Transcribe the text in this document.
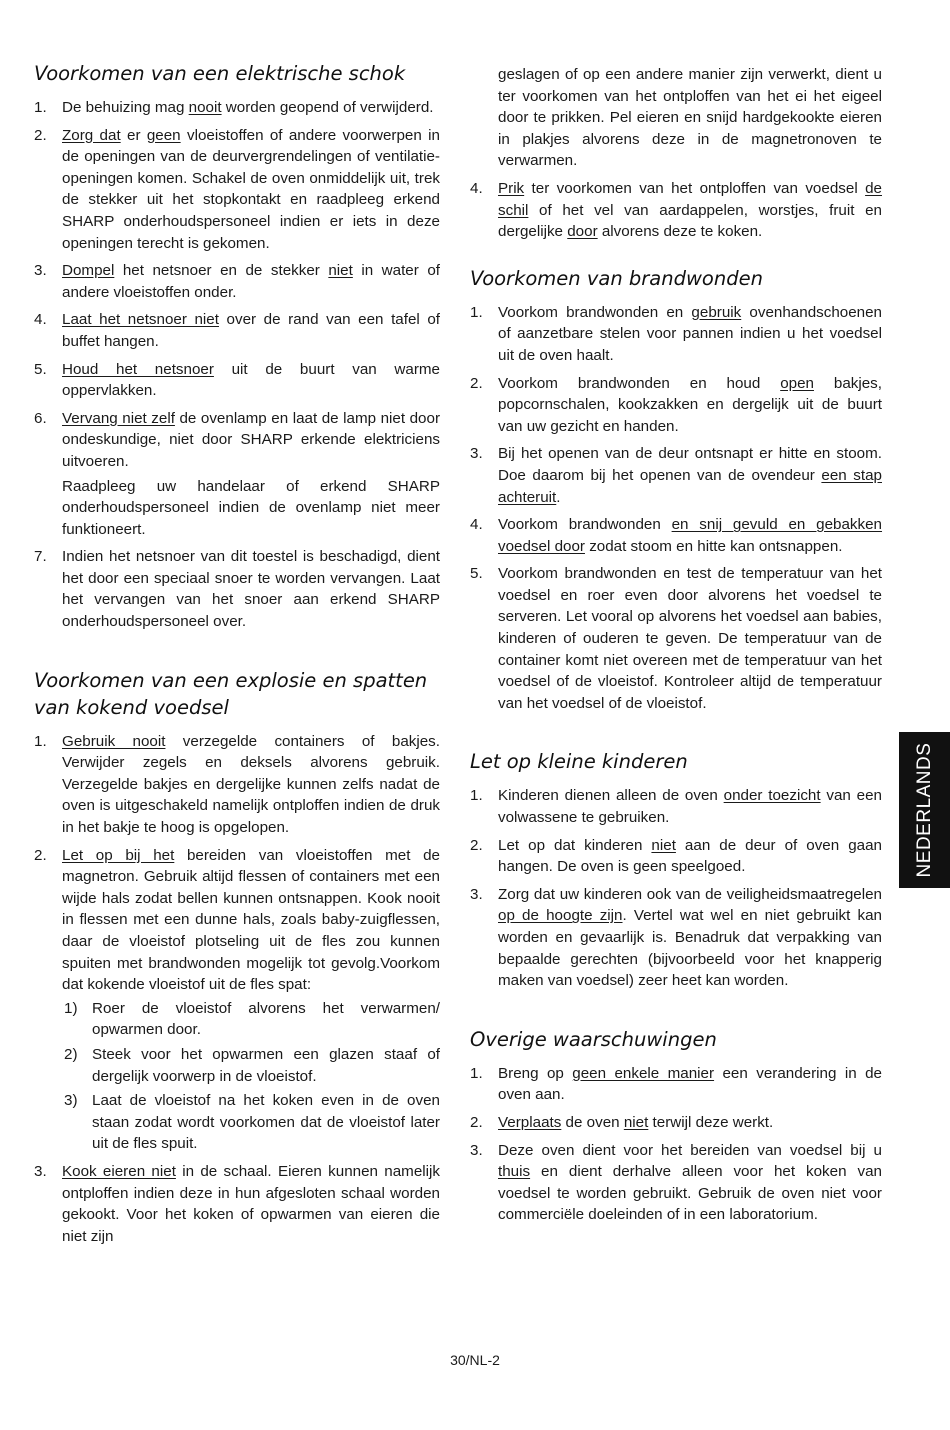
Voorkomen van een elektrische schok
1.	De behuizing mag nooit worden geopend of verwijderd.
2.	Zorg dat er geen vloeistoffen of andere voorwerpen in de openingen van de deurvergrendelingen of ventilatie-openingen komen. Schakel de oven onmiddelijk uit, trek de stekker uit het stopkontakt en raadpleeg erkend SHARP onderhoudspersoneel indien er iets in deze openingen terecht is gekomen.
3.	Dompel het netsnoer en de stekker niet in water of andere vloeistoffen onder.
4.	Laat het netsnoer niet over de rand van een tafel of buffet hangen.
5.	Houd het netsnoer uit de buurt van warme oppervlakken.
6.	Vervang niet zelf de ovenlamp en laat de lamp niet door ondeskundige, niet door SHARP erkende elektriciens uitvoeren.
Raadpleeg uw handelaar of erkend SHARP onderhoudspersoneel indien de ovenlamp niet meer funktioneert.
7.	Indien het netsnoer van dit toestel is beschadigd, dient het door een speciaal snoer te worden vervangen. Laat het vervangen van het snoer aan erkend SHARP onderhoudspersoneel over.
Voorkomen van een explosie en spatten van kokend voedsel
1.	Gebruik nooit verzegelde containers of bakjes. Verwijder zegels en deksels alvorens gebruik. Verzegelde bakjes en dergelijke kunnen zelfs nadat de oven is uitgeschakeld namelijk ontploffen indien de druk in het bakje te hoog is opgelopen.
2.	Let op bij het bereiden van vloeistoffen met de magnetron. Gebruik altijd flessen of containers met een wijde hals zodat bellen kunnen ontsnappen. Kook nooit in flessen met een dunne hals, zoals baby-zuigflessen, daar de vloeistof plotseling uit de fles zou kunnen spuiten met brandwonden mogelijk tot gevolg.Voorkom dat kokende vloeistof uit de fles spat:
1) Roer de vloeistof alvorens het verwarmen/ opwarmen door.
2) Steek voor het opwarmen een glazen staaf of dergelijk voorwerp in de vloeistof.
3) Laat de vloeistof na het koken even in de oven staan zodat wordt voorkomen dat de vloeistof later uit de fles spuit.
3.	Kook eieren niet in de schaal. Eieren kunnen namelijk ontploffen indien deze in hun afgesloten schaal worden gekookt. Voor het koken of opwarmen van eieren die niet zijn

geslagen of op een andere manier zijn verwerkt, dient u ter voorkomen van het ontploffen van het ei het eigeel door te prikken. Pel eieren en snijd hardgekookte eieren in plakjes alvorens deze in de magnetronoven te verwarmen.

4.	Prik ter voorkomen van het ontploffen van voedsel de schil of het vel van aardappelen, worstjes, fruit en dergelijke door alvorens deze te koken.
Voorkomen van brandwonden
1.	Voorkom brandwonden en gebruik ovenhandschoenen of aanzetbare stelen voor pannen indien u het voedsel uit de oven haalt.
2.	Voorkom brandwonden en houd open bakjes, popcornschalen, kookzakken en dergelijk uit de buurt van uw gezicht en handen.
3.	Bij het openen van de deur ontsnapt er hitte en stoom. Doe daarom bij het openen van de ovendeur een stap achteruit.
4.	Voorkom brandwonden en snij gevuld en gebakken voedsel door zodat stoom en hitte kan ontsnappen.
5.	Voorkom brandwonden en test de temperatuur van het voedsel en roer even door alvorens het voedsel te serveren. Let vooral op alvorens het voedsel aan babies, kinderen of ouderen te geven. De temperatuur van de container komt niet overeen met de temperatuur van het voedsel of de vloeistof. Kontroleer altijd de temperatuur van het voedsel of de vloeistof.
Let op kleine kinderen
1.	Kinderen dienen alleen de oven onder toezicht van een volwassene te gebruiken.
2.	Let op dat kinderen niet aan de deur of oven gaan hangen. De oven is geen speelgoed.
3.	Zorg dat uw kinderen ook van de veiligheidsmaatregelen op de hoogte zijn. Vertel wat wel en niet gebruikt kan worden en gevaarlijk is. Benadruk dat verpakking van bepaalde gerechten (bijvoorbeeld voor het knapperig maken van voedsel) zeer heet kan worden.
Overige waarschuwingen
1.	Breng op geen enkele manier een verandering in de oven aan.
2.	Verplaats de oven niet terwijl deze werkt.
3.	Deze oven dient voor het bereiden van voedsel bij u thuis en dient derhalve alleen voor het koken van voedsel te worden gebruikt. Gebruik de oven niet voor commerciële doeleinden of in een laboratorium.
NEDERLANDS
30/NL-2
